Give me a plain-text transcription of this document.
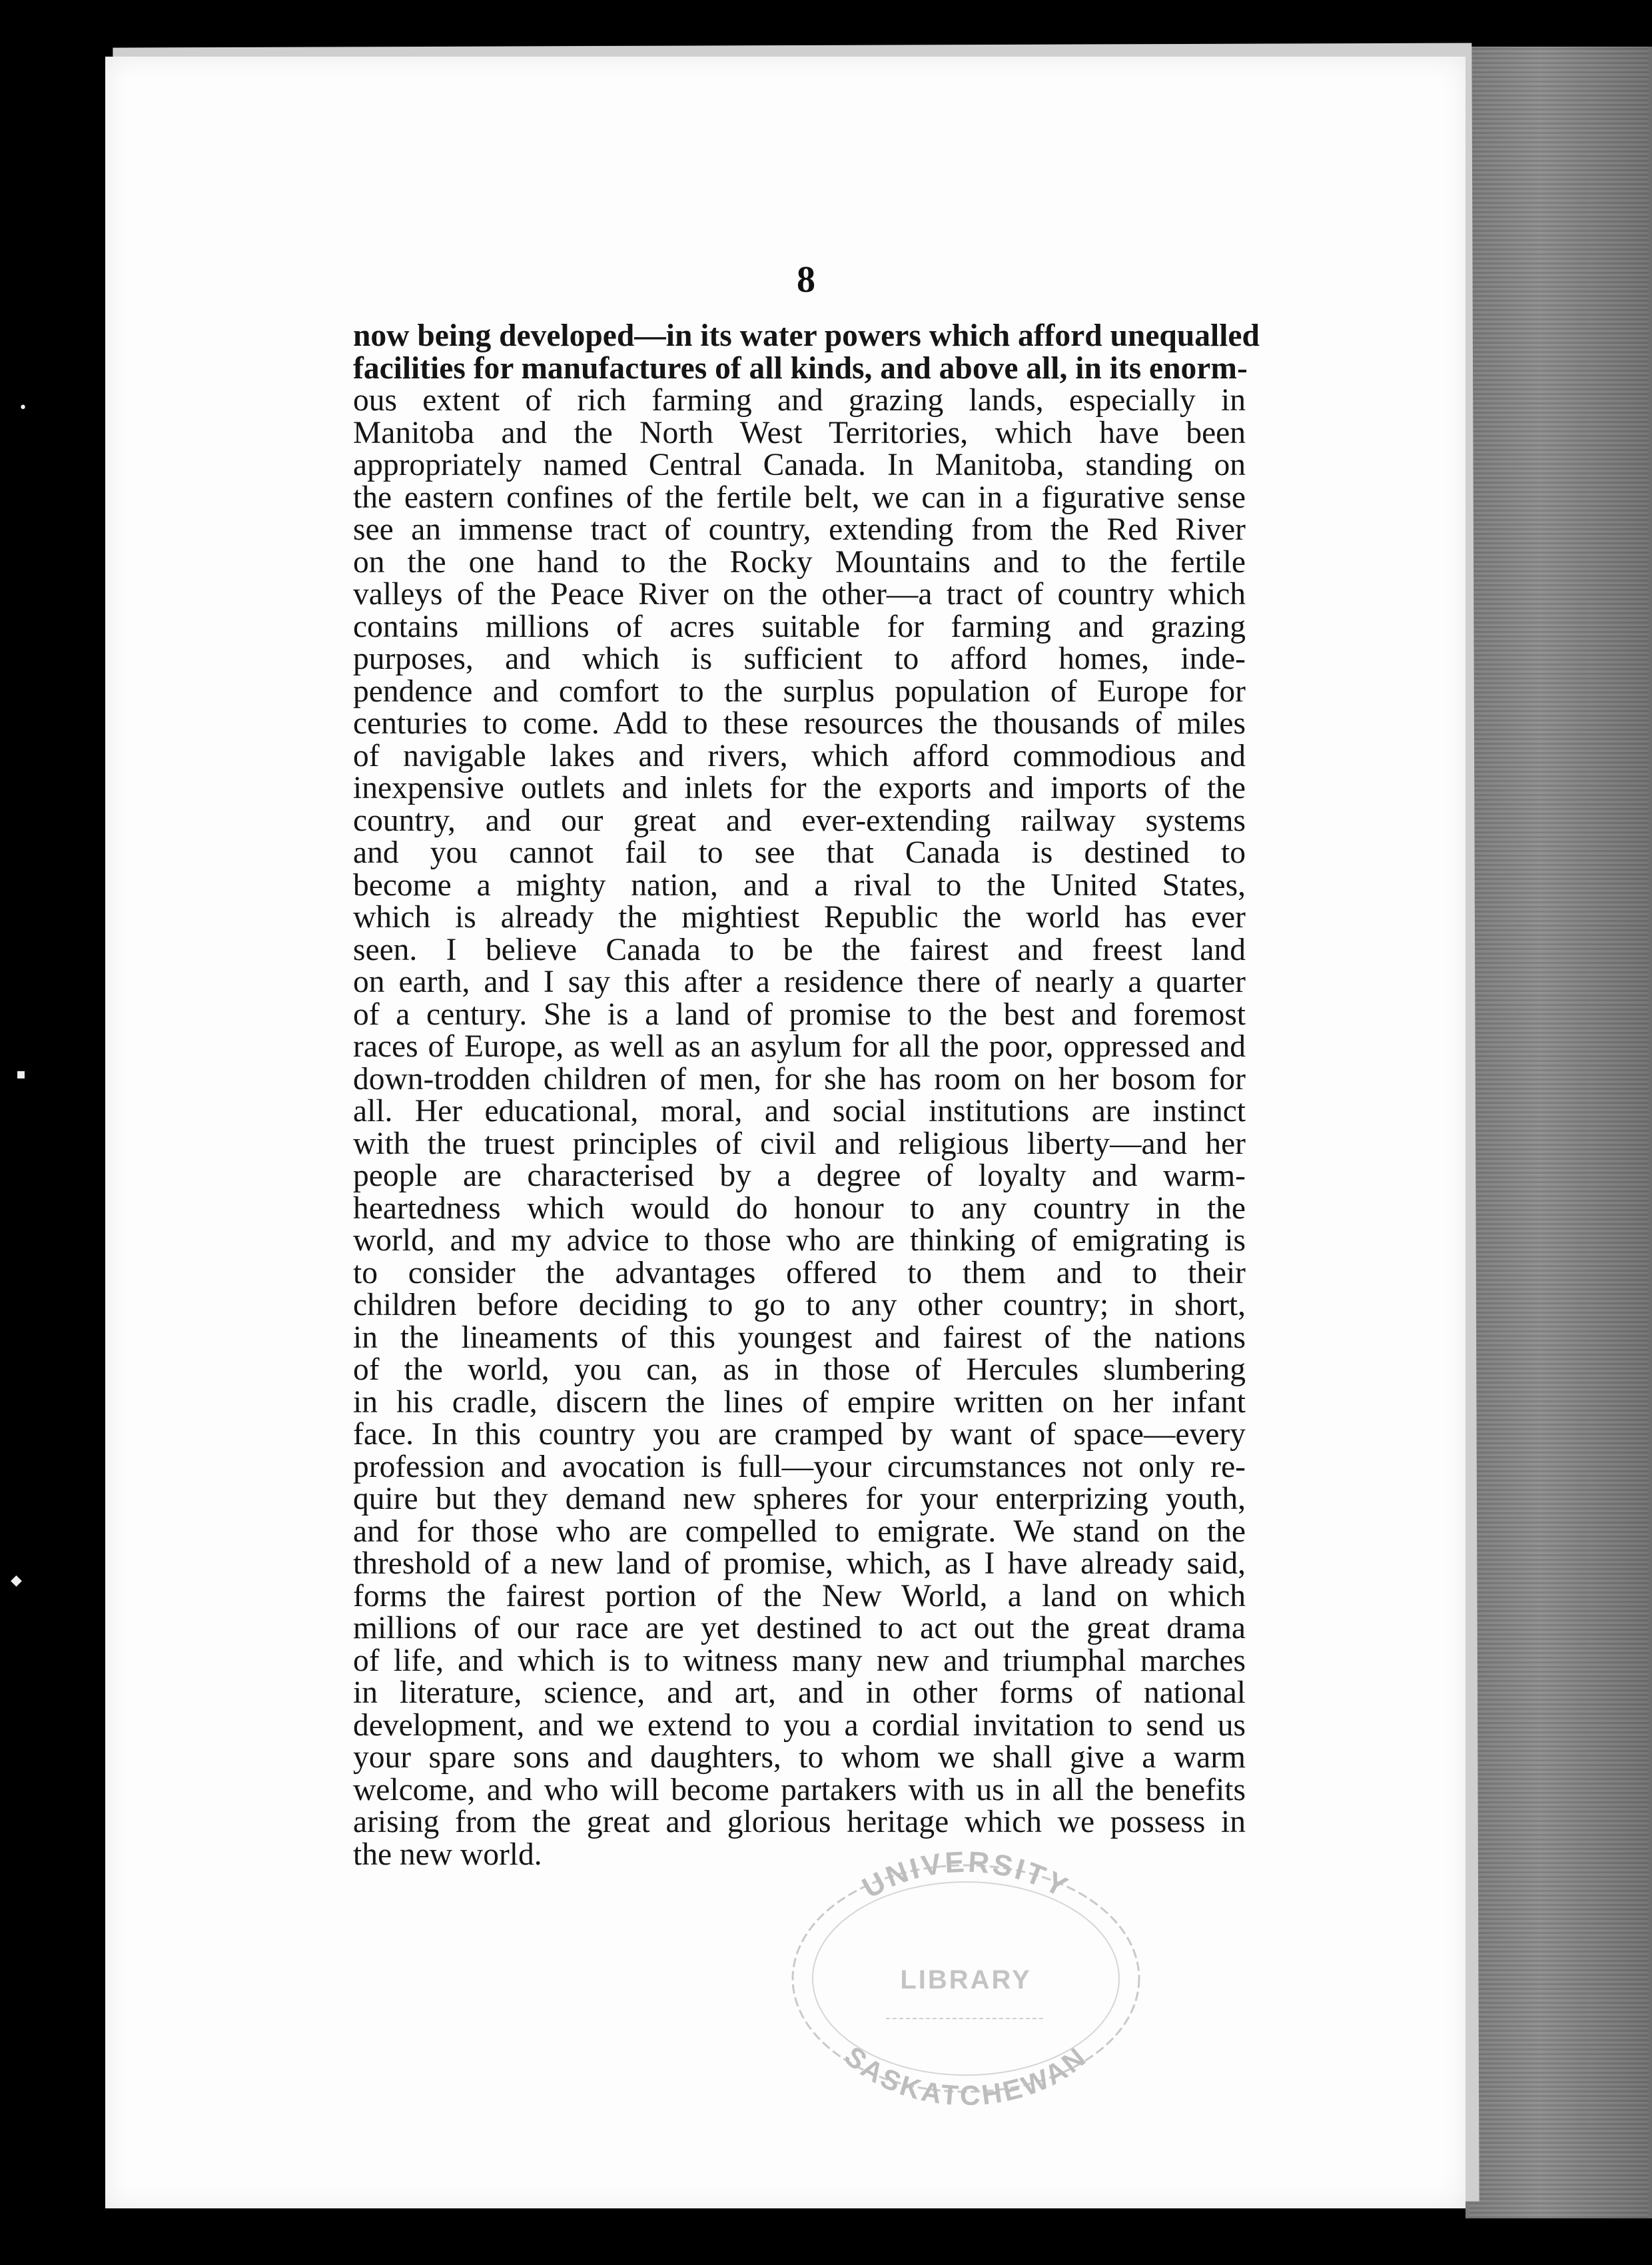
•
▪
◆
8
now being developed—in its water powers which afford unequalled
facilities for manufactures of all kinds, and above all, in its enorm-
ous extent of rich farming and grazing lands, especially in
Manitoba and the North West Territories, which have been
appropriately named Central Canada. In Manitoba, standing on
the eastern confines of the fertile belt, we can in a figurative sense
see an immense tract of country, extending from the Red River
on the one hand to the Rocky Mountains and to the fertile
valleys of the Peace River on the other—a tract of country which
contains millions of acres suitable for farming and grazing
purposes, and which is sufficient to afford homes, inde-
pendence and comfort to the surplus population of Europe for
centuries to come. Add to these resources the thousands of miles
of navigable lakes and rivers, which afford commodious and
inexpensive outlets and inlets for the exports and imports of the
country, and our great and ever-extending railway systems
and you cannot fail to see that Canada is destined to
become a mighty nation, and a rival to the United States,
which is already the mightiest Republic the world has ever
seen. I believe Canada to be the fairest and freest land
on earth, and I say this after a residence there of nearly a quarter
of a century. She is a land of promise to the best and foremost
races of Europe, as well as an asylum for all the poor, oppressed and
down-trodden children of men, for she has room on her bosom for
all. Her educational, moral, and social institutions are instinct
with the truest principles of civil and religious liberty—and her
people are characterised by a degree of loyalty and warm-
heartedness which would do honour to any country in the
world, and my advice to those who are thinking of emigrating is
to consider the advantages offered to them and to their
children before deciding to go to any other country; in short,
in the lineaments of this youngest and fairest of the nations
of the world, you can, as in those of Hercules slumbering
in his cradle, discern the lines of empire written on her infant
face. In this country you are cramped by want of space—every
profession and avocation is full—your circumstances not only re-
quire but they demand new spheres for your enterprizing youth,
and for those who are compelled to emigrate. We stand on the
threshold of a new land of promise, which, as I have already said,
forms the fairest portion of the New World, a land on which
millions of our race are yet destined to act out the great drama
of life, and which is to witness many new and triumphal marches
in literature, science, and art, and in other forms of national
development, and we extend to you a cordial invitation to send us
your spare sons and daughters, to whom we shall give a warm
welcome, and who will become partakers with us in all the benefits
arising from the great and glorious heritage which we possess in
the new world.
UNIVERSITY
LIBRARY
SASKATCHEWAN
